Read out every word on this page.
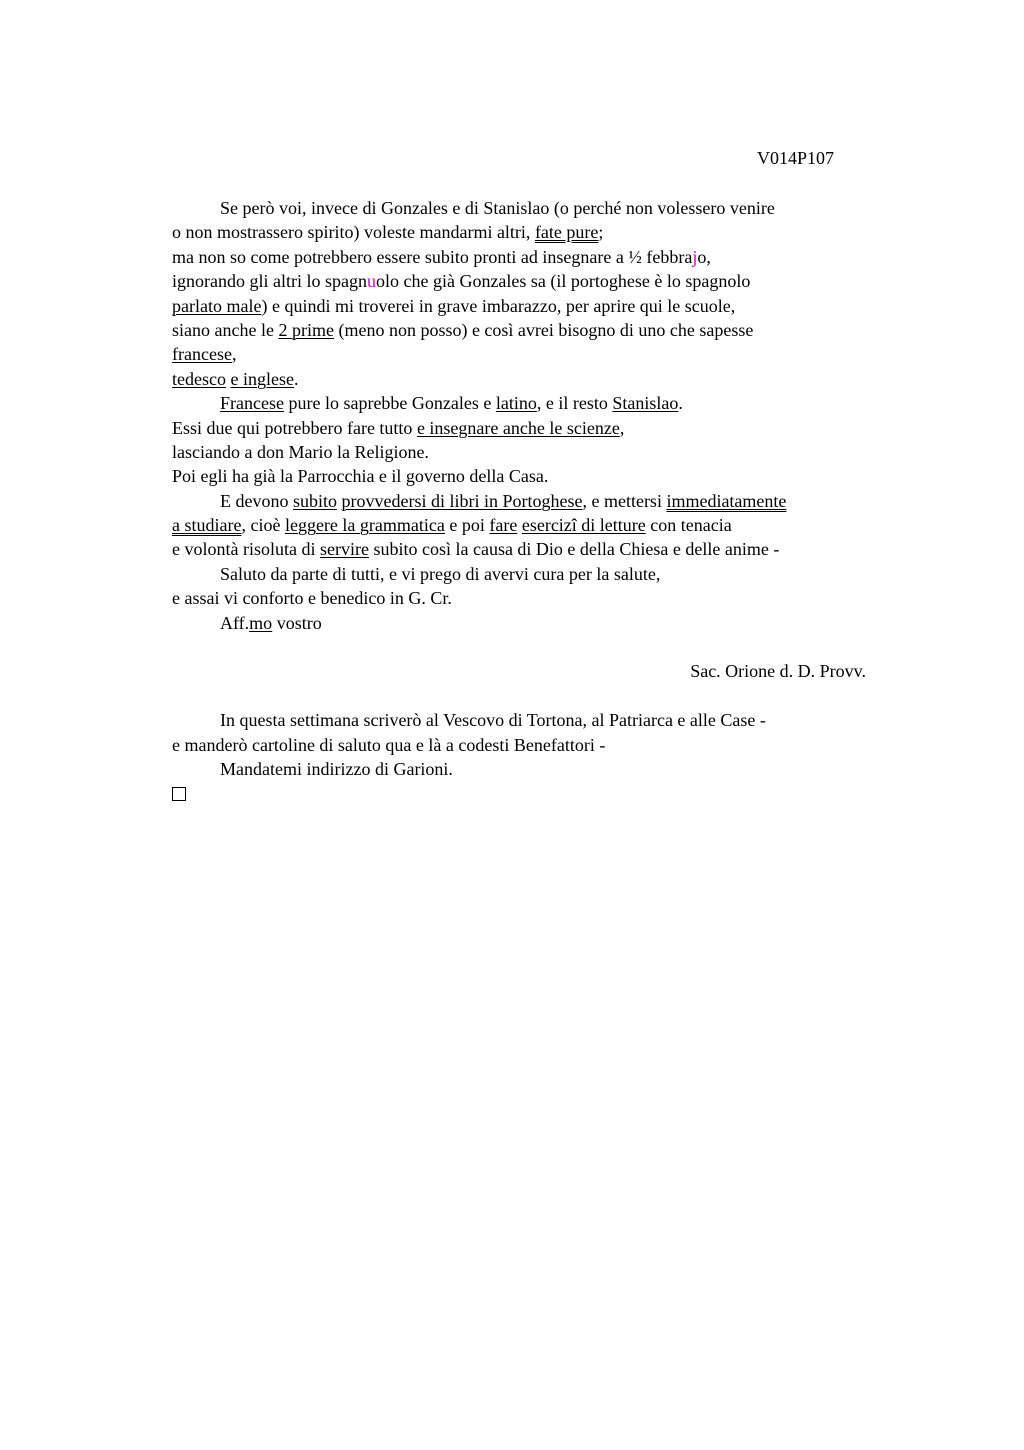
V014P107
Se però voi, invece di Gonzales e di Stanislao (o perché non volessero venire
o non mostrassero spirito) voleste mandarmi altri, fate pure;
ma non so come potrebbero essere subito pronti ad insegnare a ½ febbrajo,
ignorando gli altri lo spagnuolo che già Gonzales sa (il portoghese è lo spagnolo
parlato male) e quindi mi troverei in grave imbarazzo, per aprire qui le scuole,
siano anche le 2 prime (meno non posso) e così avrei bisogno di uno che sapesse
francese,
tedesco e inglese.
Francese pure lo saprebbe Gonzales e latino, e il resto Stanislao.
Essi due qui potrebbero fare tutto e insegnare anche le scienze,
lasciando a don Mario la Religione.
Poi egli ha già la Parrocchia e il governo della Casa.
E devono subito provvedersi di libri in Portoghese, e mettersi immediatamente
a studiare, cioè leggere la grammatica e poi fare esercizî di letture con tenacia
e volontà risoluta di servire subito così la causa di Dio e della Chiesa e delle anime -
Saluto da parte di tutti, e vi prego di avervi cura per la salute,
e assai vi conforto e benedico in G. Cr.
Aff.mo vostro
Sac. Orione d. D. Provv.
In questa settimana scriverò al Vescovo di Tortona, al Patriarca e alle Case -
e manderò cartoline di saluto qua e là a codesti Benefattori -
Mandatemi indirizzo di Garioni.
